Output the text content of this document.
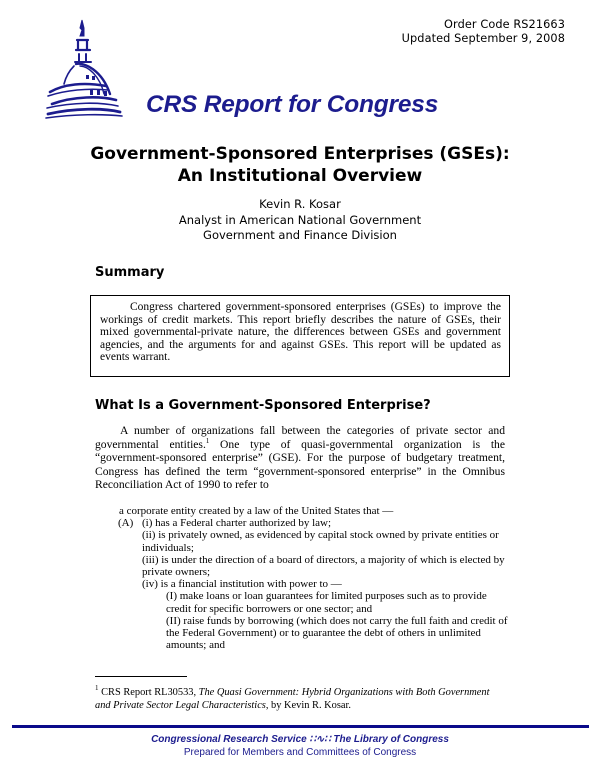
Order Code RS21663
Updated September 9, 2008
CRS Report for Congress
Government-Sponsored Enterprises (GSEs):
An Institutional Overview
Kevin R. Kosar
Analyst in American National Government
Government and Finance Division
Summary

Congress chartered government-sponsored enterprises (GSEs) to improve the workings of credit markets. This report briefly describes the nature of GSEs, their mixed governmental-private nature, the differences between GSEs and government agencies, and the arguments for and against GSEs. This report will be updated as events warrant.

What Is a Government-Sponsored Enterprise?

A number of organizations fall between the categories of private sector and governmental entities.$^1$ One type of quasi-governmental organization is the “government-sponsored enterprise” (GSE). For the purpose of budgetary treatment, Congress has defined the term “government-sponsored enterprise” in the Omnibus Reconciliation Act of 1990 to refer to

a corporate entity created by a law of the United States that —
(A) (i) has a Federal charter authorized by law;
(ii) is privately owned, as evidenced by capital stock owned by private entities or individuals;
(iii) is under the direction of a board of directors, a majority of which is elected by private owners;
(iv) is a financial institution with power to —
(I) make loans or loan guarantees for limited purposes such as to provide credit for specific borrowers or one sector; and
(II) raise funds by borrowing (which does not carry the full faith and credit of the Federal Government) or to guarantee the debt of others in unlimited amounts; and
$^1$ CRS Report RL30533, The Quasi Government: Hybrid Organizations with Both Government and Private Sector Legal Characteristics, by Kevin R. Kosar.
Congressional Research Service ∷∿∷ The Library of Congress
Prepared for Members and Committees of Congress
